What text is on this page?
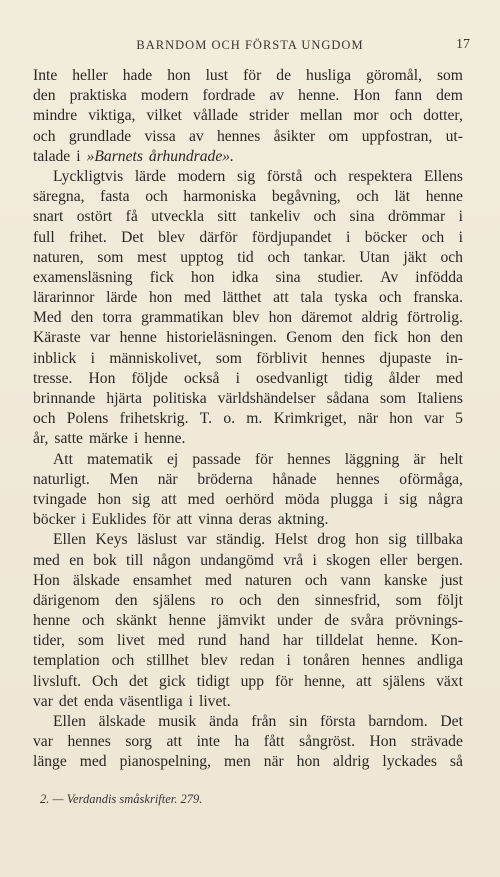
BARNDOM OCH FÖRSTA UNGDOM	17
Inte heller hade hon lust för de husliga göromål, som
den praktiska modern fordrade av henne. Hon fann dem
mindre viktiga, vilket vållade strider mellan mor och dotter,
och grundlade vissa av hennes åsikter om uppfostran, ut-
talade i »Barnets århundrade».
Lyckligtvis lärde modern sig förstå och respektera Ellens
säregna, fasta och harmoniska begåvning, och lät henne
snart ostört få utveckla sitt tankeliv och sina drömmar i
full frihet. Det blev därför fördjupandet i böcker och i
naturen, som mest upptog tid och tankar. Utan jäkt och
examensläsning fick hon idka sina studier. Av infödda
lärarinnor lärde hon med lätthet att tala tyska och franska.
Med den torra grammatikan blev hon däremot aldrig förtrolig.
Käraste var henne historieläsningen. Genom den fick hon den
inblick i människolivet, som förblivit hennes djupaste in-
tresse. Hon följde också i osedvanligt tidig ålder med
brinnande hjärta politiska världshändelser sådana som Italiens
och Polens frihetskrig. T. o. m. Krimkriget, när hon var 5
år, satte märke i henne.
Att matematik ej passade för hennes läggning är helt
naturligt. Men när bröderna hånade hennes oförmåga,
tvingade hon sig att med oerhörd möda plugga i sig några
böcker i Euklides för att vinna deras aktning.
Ellen Keys läslust var ständig. Helst drog hon sig tillbaka
med en bok till någon undangömd vrå i skogen eller bergen.
Hon älskade ensamhet med naturen och vann kanske just
därigenom den själens ro och den sinnesfrid, som följt
henne och skänkt henne jämvikt under de svåra prövnings-
tider, som livet med rund hand har tilldelat henne. Kon-
templation och stillhet blev redan i tonåren hennes andliga
livsluft. Och det gick tidigt upp för henne, att själens växt
var det enda väsentliga i livet.
Ellen älskade musik ända från sin första barndom. Det
var hennes sorg att inte ha fått sångröst. Hon strävade
länge med pianospelning, men när hon aldrig lyckades så
2. — Verdandis småskrifter. 279.
